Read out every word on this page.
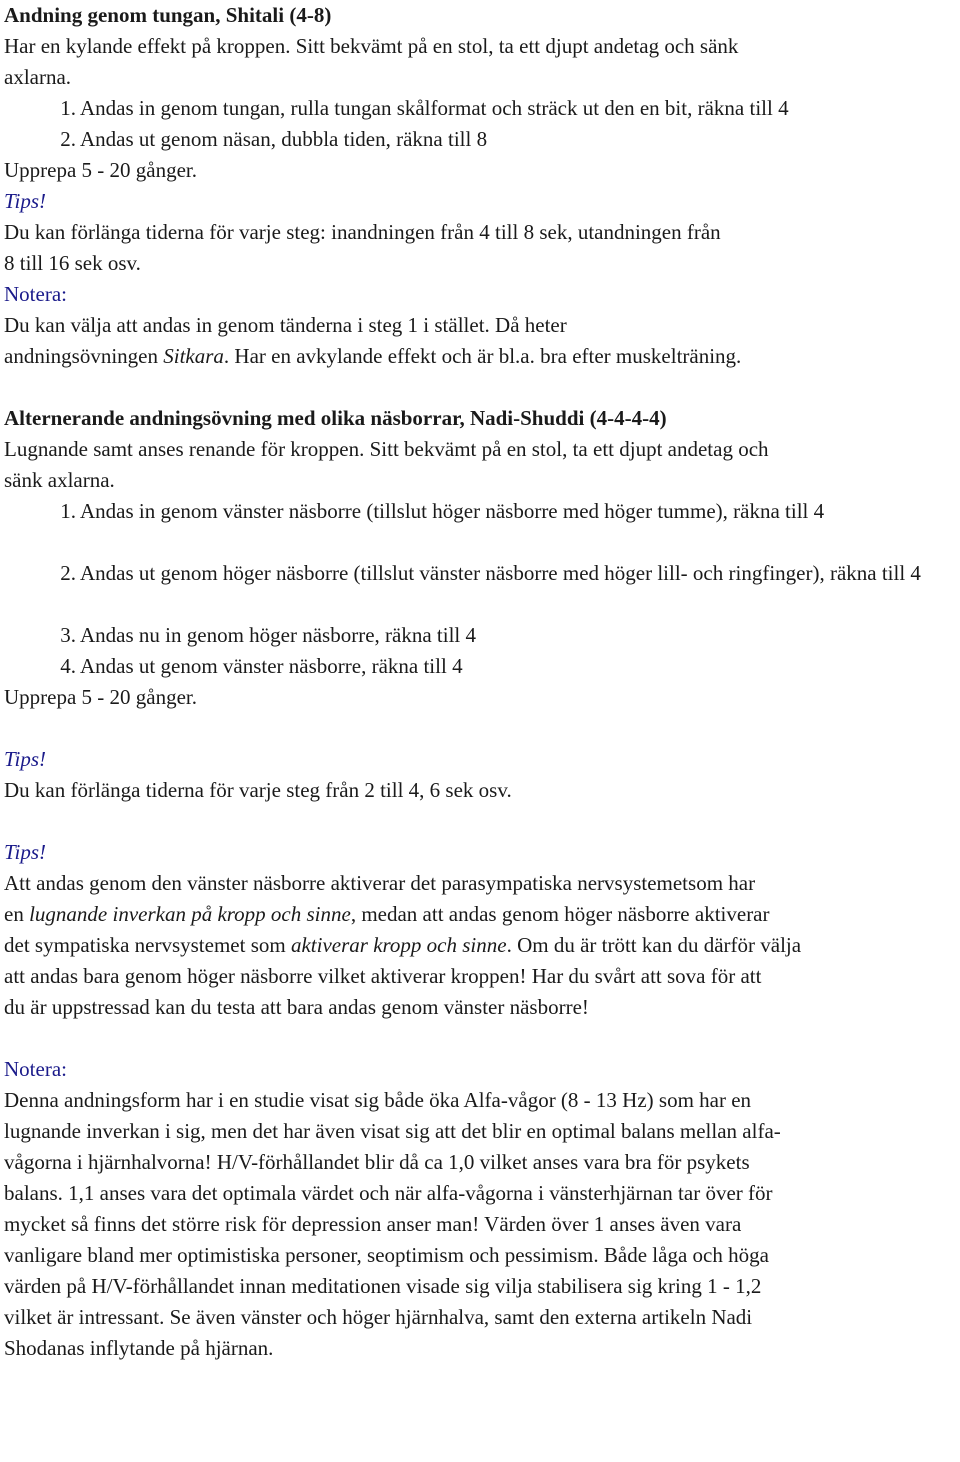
Andning genom tungan, Shitali (4-8)
Har en kylande effekt på kroppen. Sitt bekvämt på en stol, ta ett djupt andetag och sänk
axlarna.
1. Andas in genom tungan, rulla tungan skålformat och sträck ut den en bit, räkna till 4
2. Andas ut genom näsan, dubbla tiden, räkna till 8
Upprepa 5 - 20 gånger.
Tips!
Du kan förlänga tiderna för varje steg: inandningen från 4 till 8 sek, utandningen från
8 till 16 sek osv.
Notera:
Du kan välja att andas in genom tänderna i steg 1 i stället. Då heter
andningsövningen Sitkara. Har en avkylande effekt och är bl.a. bra efter muskelträning.
Alternerande andningsövning med olika näsborrar, Nadi-Shuddi (4-4-4-4)
Lugnande samt anses renande för kroppen. Sitt bekvämt på en stol, ta ett djupt andetag och
sänk axlarna.
1. Andas in genom vänster näsborre (tillslut höger näsborre med höger tumme), räkna till 4
2. Andas ut genom höger näsborre (tillslut vänster näsborre med höger lill- och ringfinger), räkna till 4
3. Andas nu in genom höger näsborre, räkna till 4
4. Andas ut genom vänster näsborre, räkna till 4
Upprepa 5 - 20 gånger.
Tips!
Du kan förlänga tiderna för varje steg från 2 till 4, 6 sek osv.
Tips!
Att andas genom den vänster näsborre aktiverar det parasympatiska nervsystemetsom har
en lugnande inverkan på kropp och sinne, medan att andas genom höger näsborre aktiverar
det sympatiska nervsystemet som aktiverar kropp och sinne. Om du är trött kan du därför välja
att andas bara genom höger näsborre vilket aktiverar kroppen! Har du svårt att sova för att
du är uppstressad kan du testa att bara andas genom vänster näsborre!
Notera:
Denna andningsform har i en studie visat sig både öka Alfa-vågor (8 - 13 Hz) som har en
lugnande inverkan i sig, men det har även visat sig att det blir en optimal balans mellan alfa-
vågorna i hjärnhalvorna! H/V-förhållandet blir då ca 1,0 vilket anses vara bra för psykets
balans. 1,1 anses vara det optimala värdet och när alfa-vågorna i vänsterhjärnan tar över för
mycket så finns det större risk för depression anser man! Värden över 1 anses även vara
vanligare bland mer optimistiska personer, seoptimism och pessimism. Både låga och höga
värden på H/V-förhållandet innan meditationen visade sig vilja stabilisera sig kring 1 - 1,2
vilket är intressant. Se även vänster och höger hjärnhalva, samt den externa artikeln Nadi
Shodanas inflytande på hjärnan.
